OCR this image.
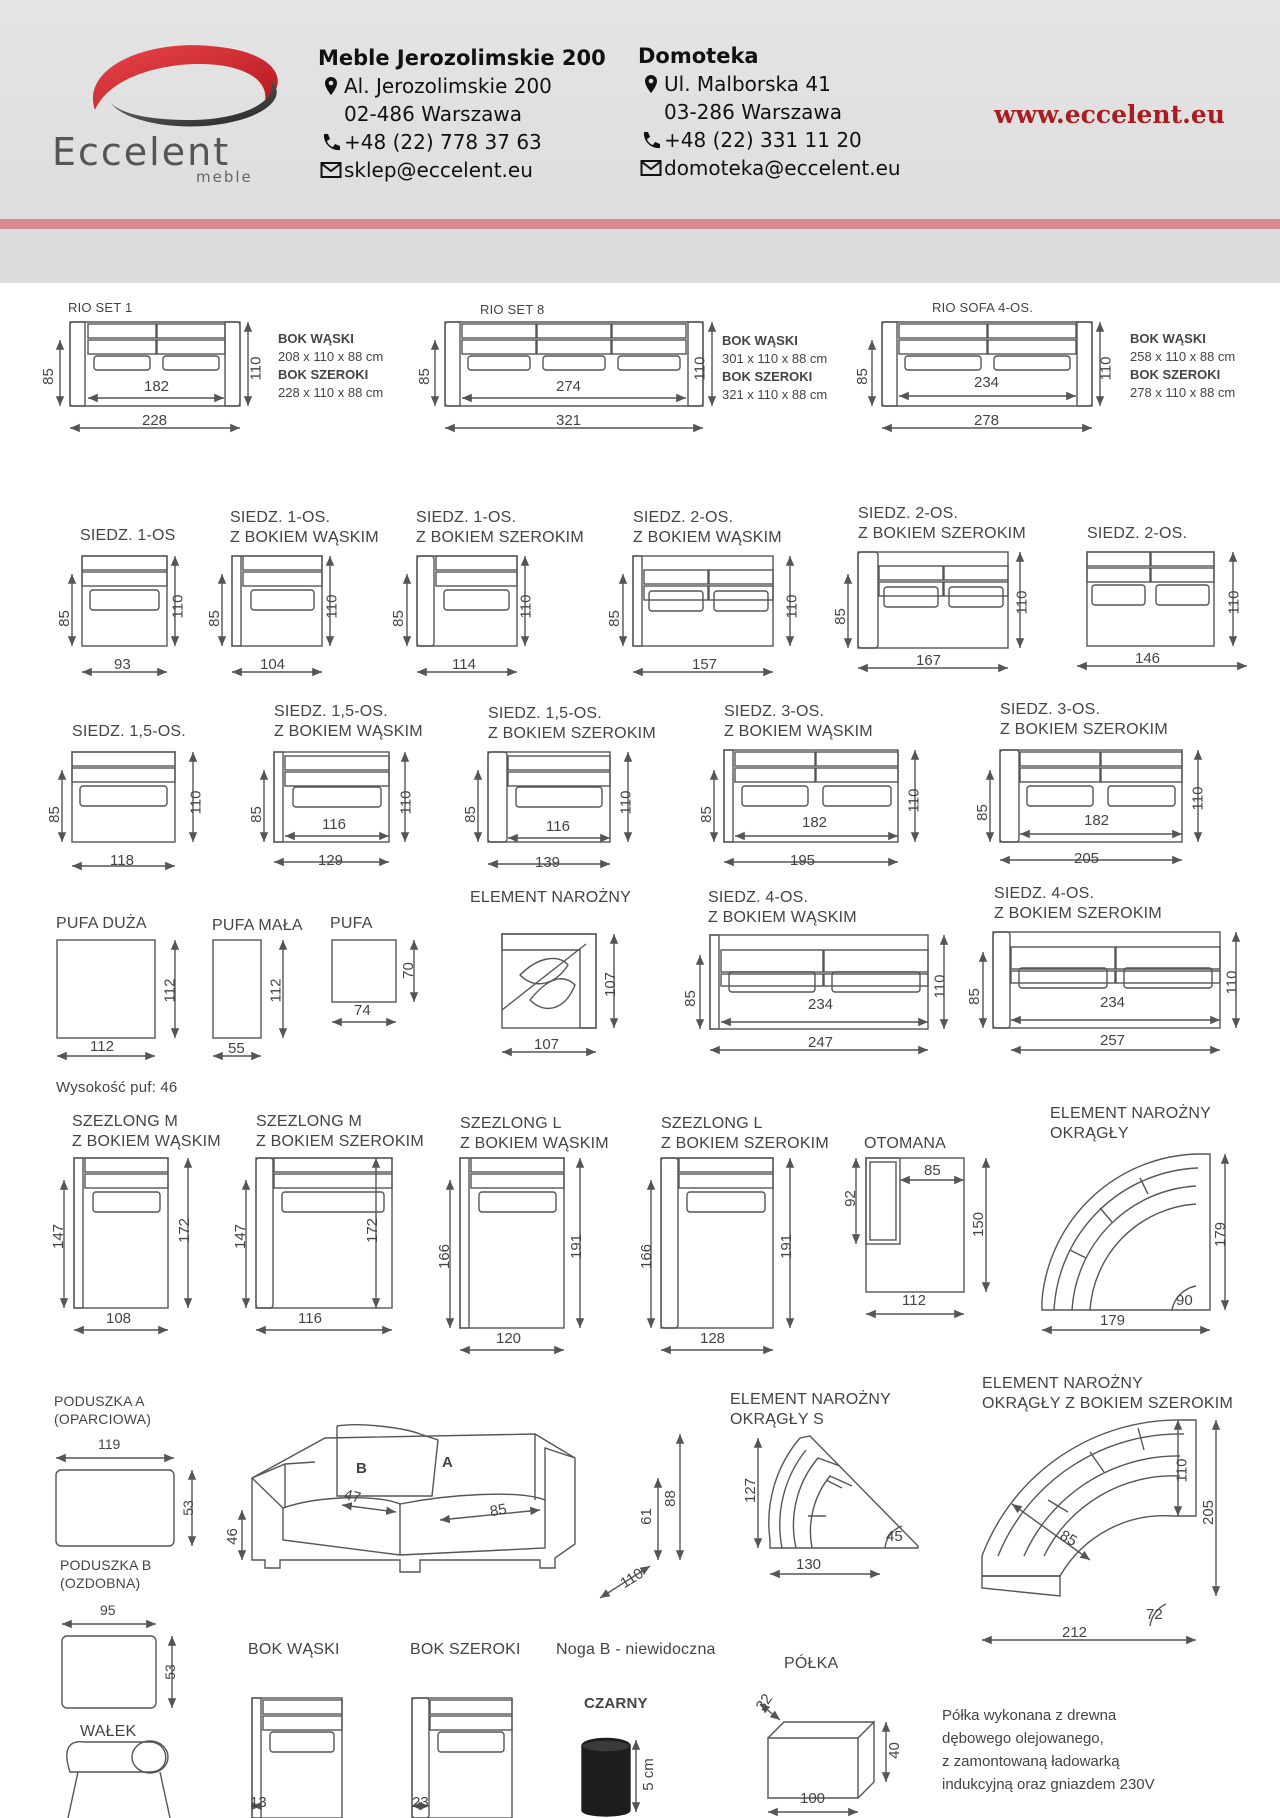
Eccelent
meble
Meble Jerozolimskie 200
Al. Jerozolimskie 200
02-486 Warszawa
+48 (22) 778 37 63
sklep@eccelent.eu
Domoteka
Ul. Malborska 41
03-286 Warszawa
+48 (22) 331 11 20
domoteka@eccelent.eu
www.eccelent.eu
RIO SET 1
85
182
228
110
BOK WĄSKI
208 x 110 x 88 cm
BOK SZEROKI
228 x 110 x 88 cm
RIO SET 8
85
274
321
110
BOK WĄSKI
301 x 110 x 88 cm
BOK SZEROKI
321 x 110 x 88 cm
RIO SOFA 4-OS.
85	234
278
110
BOK WĄSKI
258 x 110 x 88 cm
BOK SZEROKI
278 x 110 x 88 cm
SIEDZ. 1-OS
85
110
93
SIEDZ. 1-OS.
Z BOKIEM WĄSKIM
85
110
104
SIEDZ. 1-OS.
Z BOKIEM SZEROKIM
85
110
114
SIEDZ. 2-OS.
Z BOKIEM WĄSKIM
85
110
157
SIEDZ. 2-OS.
Z BOKIEM SZEROKIM
85
110
167
SIEDZ. 2-OS.
110
146
SIEDZ. 1,5-OS.
85
110
118
SIEDZ. 1,5-OS.
Z BOKIEM WĄSKIM
85
110
116
129
SIEDZ. 1,5-OS.
Z BOKIEM SZEROKIM
85
110
116
139
SIEDZ. 3-OS.
Z BOKIEM WĄSKIM
85
110
182
195
SIEDZ. 3-OS.
Z BOKIEM SZEROKIM
85
110
182
205
PUFA DUŻA
112
112
PUFA MAŁA
112
55
PUFA
70
74
ELEMENT NAROŻNY
107
107
SIEDZ. 4-OS.
Z BOKIEM WĄSKIM
85
110
234
247
SIEDZ. 4-OS.
Z BOKIEM SZEROKIM
85
110
234
257
Wysokość puf: 46
SZEZLONG M
Z BOKIEM WĄSKIM
147	172
108
SZEZLONG M
Z BOKIEM SZEROKIM
147	172
116
SZEZLONG L
Z BOKIEM WĄSKIM
166	191
120
SZEZLONG L
Z BOKIEM SZEROKIM
166	191
128
OTOMANA
85
92
150
112
ELEMENT NAROŻNY
OKRĄGŁY
179
90
179
PODUSZKA A
(OPARCIOWA)
119
53
PODUSZKA B
(OZDOBNA)
95
53
B	A
47
85
46
61
88
110
ELEMENT NAROŻNY
OKRĄGŁY S
127
45
130
ELEMENT NAROŻNY
OKRĄGŁY Z BOKIEM SZEROKIM
110
205
85
72
212
WAŁEK
BOK WĄSKI
13
BOK SZEROKI
23
Noga B - niewidoczna
CZARNY
5 cm
PÓŁKA
32
40
100
Półka wykonana z drewna
dębowego olejowanego,
z zamontowaną ładowarką
indukcyjną oraz gniazdem 230V
